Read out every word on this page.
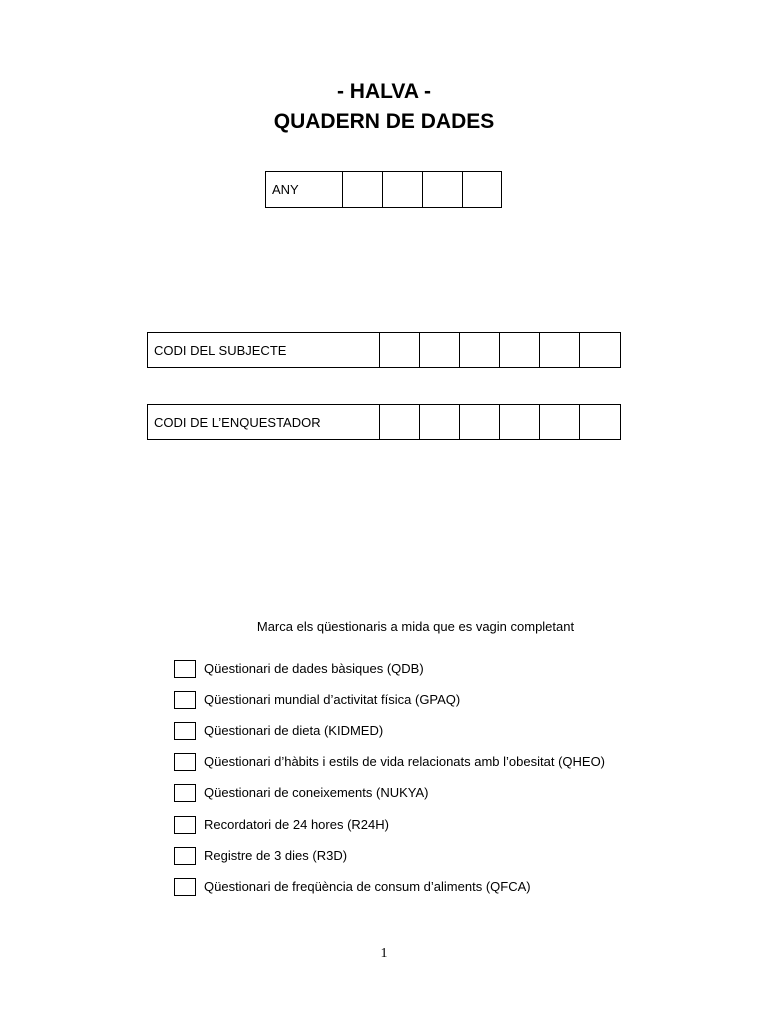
- HALVA -
QUADERN DE DADES
ANY
CODI DEL SUBJECTE
CODI DE L’ENQUESTADOR
Marca els qüestionaris a mida que es vagin completant
Qüestionari de dades bàsiques (QDB)
Qüestionari mundial d’activitat física (GPAQ)
Qüestionari de dieta (KIDMED)
Qüestionari d’hàbits i estils de vida relacionats amb l’obesitat (QHEO)
Qüestionari de coneixements (NUKYA)
Recordatori de 24 hores (R24H)
Registre de 3 dies (R3D)
Qüestionari de freqüència de consum d’aliments (QFCA)
1
